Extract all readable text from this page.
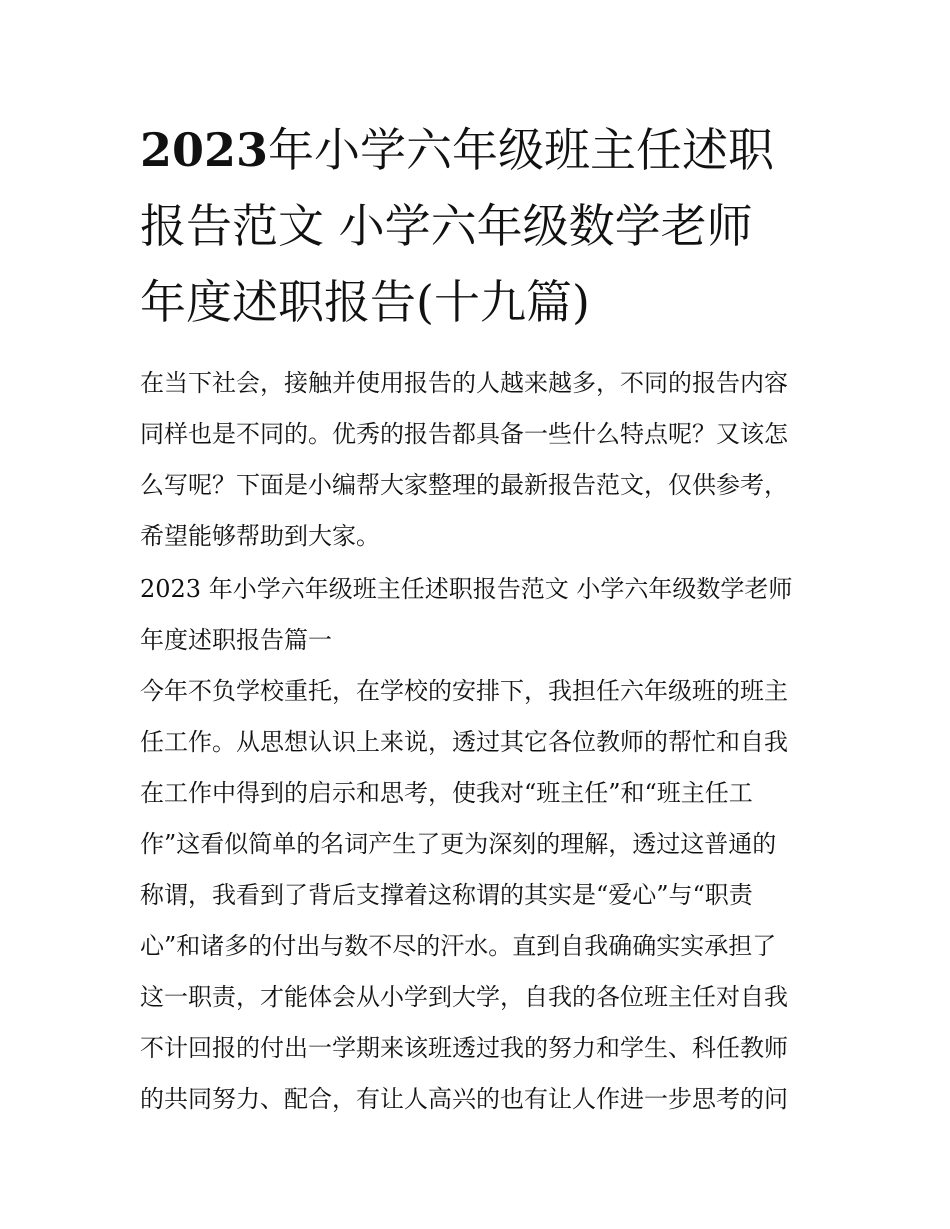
2023年小学六年级班主任述职
报告范文 小学六年级数学老师
年度述职报告(十九篇)
在当下社会，接触并使用报告的人越来越多，不同的报告内容
同样也是不同的。优秀的报告都具备一些什么特点呢？又该怎
么写呢？下面是小编帮大家整理的最新报告范文，仅供参考，
希望能够帮助到大家。
2023 年小学六年级班主任述职报告范文 小学六年级数学老师
年度述职报告篇一
今年不负学校重托，在学校的安排下，我担任六年级班的班主
任工作。从思想认识上来说，透过其它各位教师的帮忙和自我
在工作中得到的启示和思考，使我对“班主任”和“班主任工
作”这看似简单的名词产生了更为深刻的理解，透过这普通的
称谓，我看到了背后支撑着这称谓的其实是“爱心”与“职责
心”和诸多的付出与数不尽的汗水。直到自我确确实实承担了
这一职责，才能体会从小学到大学，自我的各位班主任对自我
不计回报的付出一学期来该班透过我的努力和学生、科任教师
的共同努力、配合，有让人高兴的也有让人作进一步思考的问
